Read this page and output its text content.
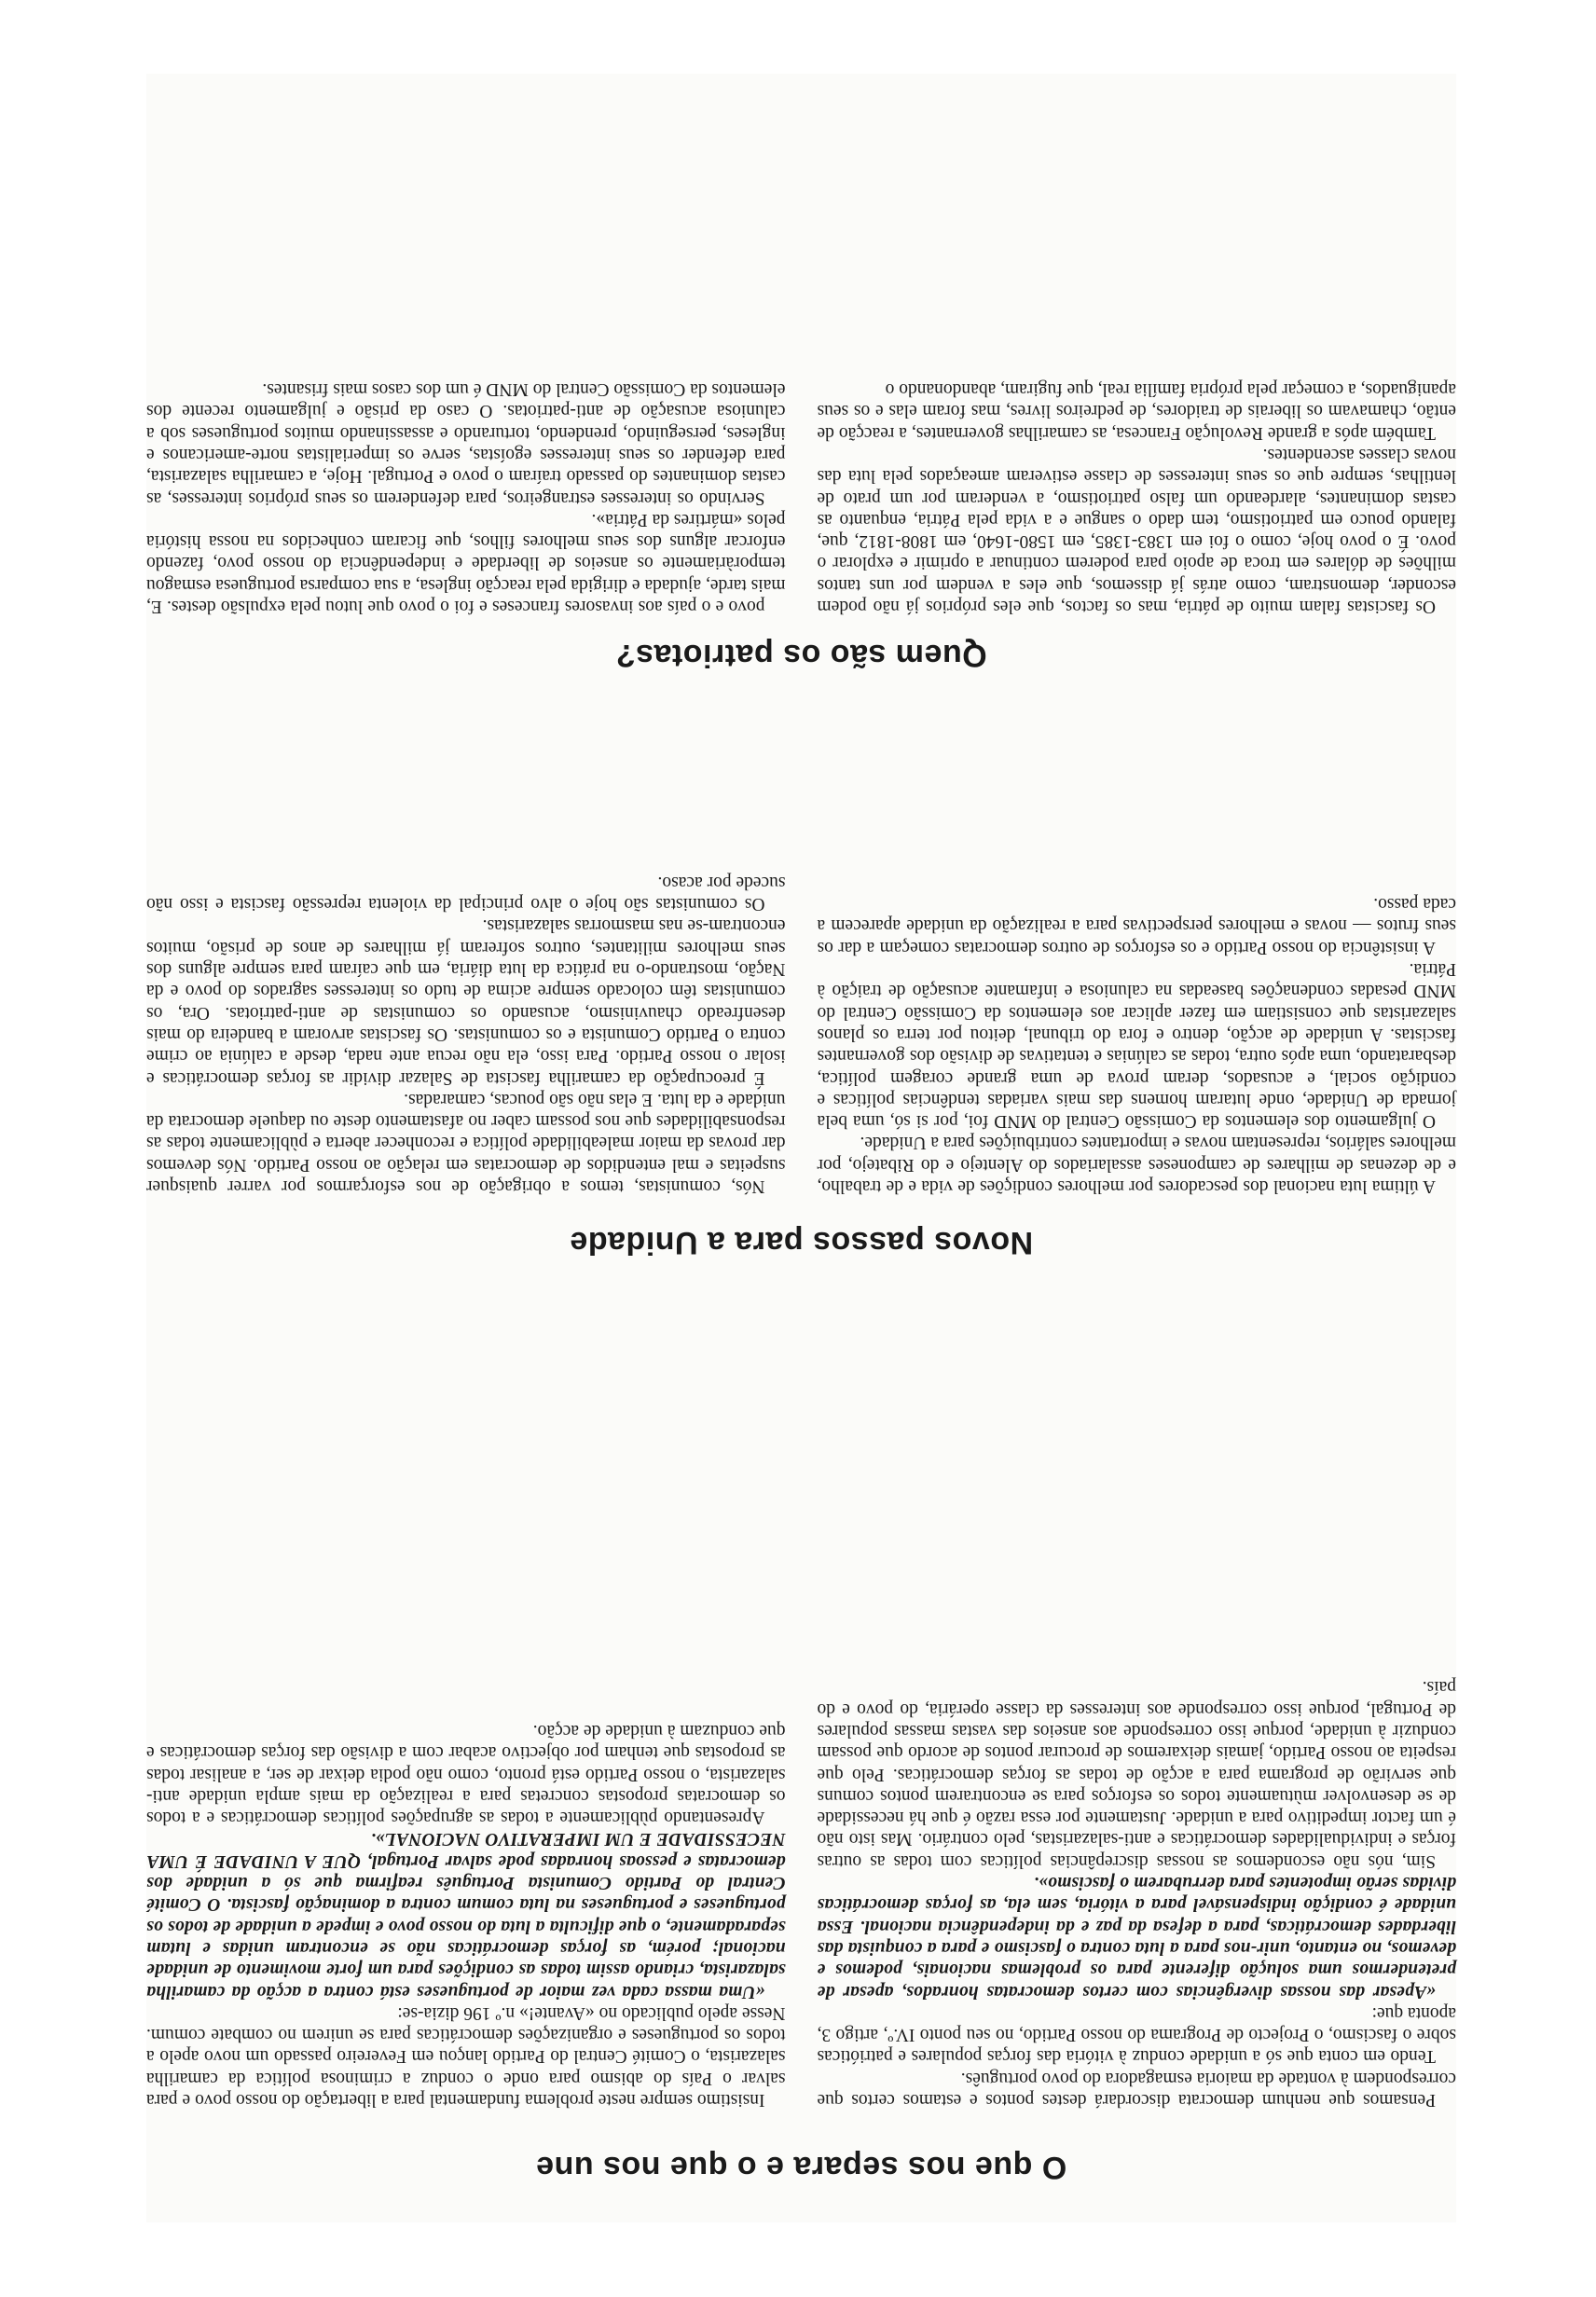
O que nos separa e o que nos une

Pensamos que nenhum democrata discordará destes pontos e estamos certos que correspondem à vontade da maioria esmagadora do povo português.

Tendo em conta que só a unidade conduz à vitória das forças populares e patrióticas sobre o fascismo, o Projecto de Programa do nosso Partido, no seu ponto IV.º, artigo 3, aponta que:

«Apesar das nossas divergências com certos democratas honrados, apesar de pretendermos uma solução diferente para os problemas nacionais, podemos e devemos, no entanto, unir-nos para a luta contra o fascismo e para a conquista das liberdades democráticas, para a defesa da paz e da independência nacional. Essa unidade é condição indispensável para a vitória, sem ela, as forças democráticas dividas serão impotentes para derrubarem o fascismo».

Sim, nós não escondemos as nossas discrepâncias políticas com todas as outras forças e individualidades democráticas e anti-salazaristas, pelo contrário. Mas isto não é um factor impeditivo para a unidade. Justamente por essa razão é que há necessidade de se desenvolver mùtuamente todos os esforços para se encontrarem pontos comuns que servirão de programa para a acção de todas as forças democráticas. Pelo que respeita ao nosso Partido, jamais deixaremos de procurar pontos de acordo que possam conduzir à unidade, porque isso corresponde aos anseios das vastas massas populares de Portugal, porque isso corresponde aos interesses da classe operária, do povo e do país.

Insistimo sempre neste problema fundamental para a libertação do nosso povo e para salvar o País do abismo para onde o conduz a criminosa política da camarilha salazarista, o Comité Central do Partido lançou em Fevereiro passado um novo apelo a todos os portugueses e organizações democráticas para se unirem no combate comum. Nesse apelo publicado no «Avante!» n.º 196 dizia-se:

«Uma massa cada vez maior de portugueses está contra a acção da camarilha salazarista, criando assim todas as condições para um forte movimento de unidade nacional; porém, as forças democráticas não se encontram unidas e lutam separadamente, o que dificulta a luta do nosso povo e impede a unidade de todos os portugueses e portugueses na luta comum contra a dominação fascista. O Comité Central do Partido Comunista Português reafirma que só a unidade dos democratas e pessoas honradas pode salvar Portugal, QUE A UNIDADE É UMA NECESSIDADE E UM IMPERATIVO NACIONAL».

Apresentando pùblicamente a todas as agrupações políticas democráticas e a todos os democratas propostas concretas para a realização da mais ampla unidade anti-salazarista, o nosso Partido está pronto, como não podia deixar de ser, a analisar todas as propostas que tenham por objectivo acabar com a divisão das forças democráticas e que conduzam à unidade de acção.

Novos passos para a Unidade

A última luta nacional dos pescadores por melhores condições de vida e de trabalho, e de dezenas de milhares de camponeses assalariados do Alentejo e do Ribatejo, por melhores salários, representam novas e importantes contribuições para a Unidade.

O julgamento dos elementos da Comissão Central do MND foi, por si só, uma bela jornada de Unidade, onde lutaram homens das mais variadas tendências políticas e condição social, e acusados, deram prova de uma grande coragem política, desbaratando, uma após outra, todas as calúnias e tentativas de divisão dos governantes fascistas. A unidade de acção, dentro e fora do tribunal, deitou por terra os planos salazaristas que consistiam em fazer aplicar aos elementos da Comissão Central do MND pesadas condenações baseadas na caluniosa e infamante acusação de traição à Pátria.

A insistência do nosso Partido e os esforços de outros democratas começam a dar os seus frutos — novas e melhores perspectivas para a realização da unidade aparecem a cada passo.

Nós, comunistas, temos a obrigação de nos esforçarmos por varrer quaisquer suspeitas e mal entendidos de democratas em relação ao nosso Partido. Nós devemos dar provas da maior maleabilidade política e reconhecer aberta e pùblicamente todas as responsabilidades que nos possam caber no afastamento deste ou daquele democrata da unidade e da luta. E elas não são poucas, camaradas.

É preocupação da camarilha fascista de Salazar dividir as forças democráticas e isolar o nosso Partido. Para isso, ela não recua ante nada, desde a calúnia ao crime contra o Partido Comunista e os comunistas. Os fascistas arvoram a bandeira do mais desenfreado chauvinismo, acusando os comunistas de anti-patriotas. Ora, os comunistas têm colocado sempre acima de tudo os interesses sagrados do povo e da Nação, mostrando-o na prática da luta diária, em que caíram para sempre alguns dos seus melhores militantes, outros sofreram já milhares de anos de prisão, muitos encontram-se nas masmorras salazaristas.

Os comunistas são hoje o alvo principal da violenta repressão fascista e isso não sucede por acaso.

Quem são os patriotas?

Os fascistas falam muito de pátria, mas os factos, que eles próprios já não podem esconder, demonstram, como atrás já dissemos, que eles a vendem por uns tantos milhões de dólares em troca de apoio para poderem continuar a oprimir e explorar o povo. É o povo hoje, como o foi em 1383-1385, em 1580-1640, em 1808-1812, que, falando pouco em patriotismo, tem dado o sangue e a vida pela Pátria, enquanto as castas dominantes, alardeando um falso patriotismo, a venderam por um prato de lentilhas, sempre que os seus interesses de classe estiveram ameaçados pela luta das novas classes ascendentes.

Também após a grande Revolução Francesa, as camarilhas governantes, a reacção de então, chamavam os liberais de traidores, de pedreiros livres, mas foram elas e os seus apaniguados, a começar pela própria família real, que fugiram, abandonando o

povo e o país aos invasores franceses e foi o povo que lutou pela expulsão destes. E, mais tarde, ajudada e dirigida pela reacção inglesa, a sua comparsa portuguesa esmagou temporàriamente os anseios de liberdade e independência do nosso povo, fazendo enforcar alguns dos seus melhores filhos, que ficaram conhecidos na nossa história pelos «mártires da Pátria».

Servindo os interesses estrangeiros, para defenderem os seus próprios interesses, as castas dominantes do passado traíram o povo e Portugal. Hoje, a camarilha salazarista, para defender os seus interesses egoístas, serve os imperialistas norte-americanos e ingleses, perseguindo, prendendo, torturando e assassinando muitos portugueses sob a caluniosa acusação de anti-patriotas. O caso da prisão e julgamento recente dos elementos da Comissão Central do MND é um dos casos mais frisantes.
